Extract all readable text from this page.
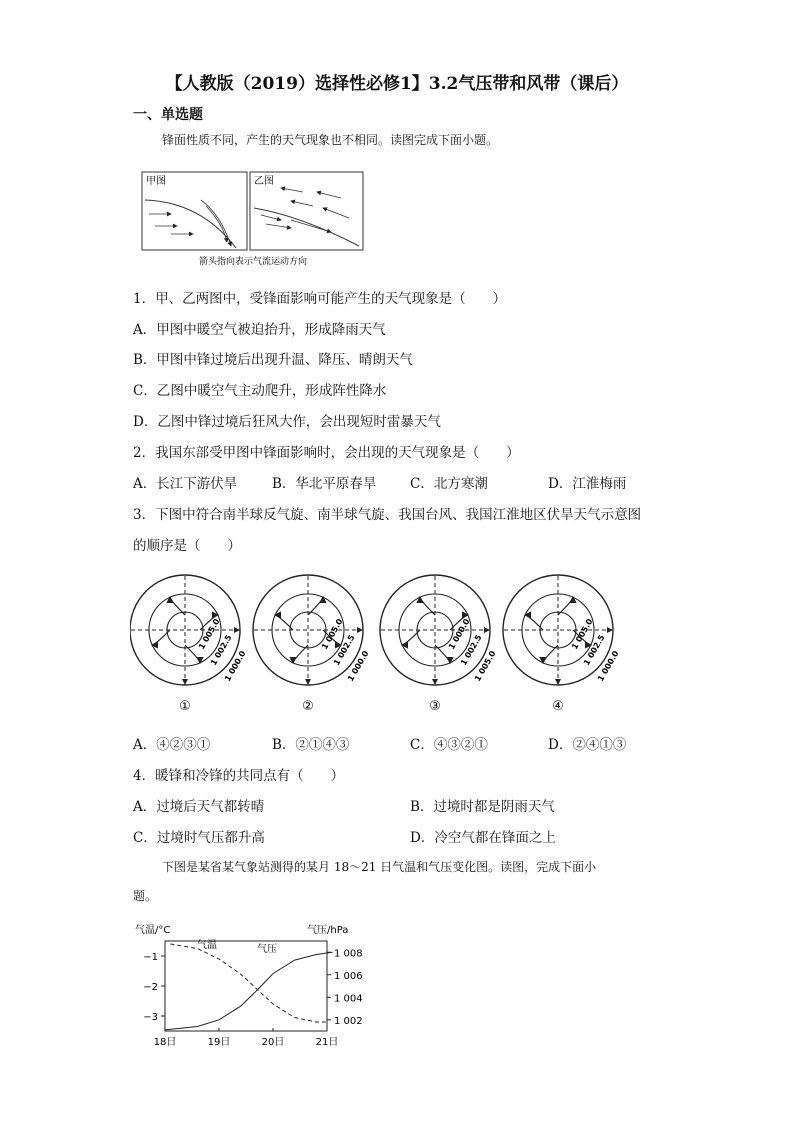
【人教版（2019）选择性必修1】3.2气压带和风带（课后）
一、单选题
锋面性质不同，产生的天气现象也不相同。读图完成下面小题。
甲图	乙图
箭头指向表示气流运动方向
1．甲、乙两图中，受锋面影响可能产生的天气现象是（　　）
A．甲图中暖空气被迫抬升，形成降雨天气
B．甲图中锋过境后出现升温、降压、晴朗天气
C．乙图中暖空气主动爬升，形成阵性降水
D．乙图中锋过境后狂风大作，会出现短时雷暴天气
2．我国东部受甲图中锋面影响时，会出现的天气现象是（　　）
A．长江下游伏旱	B．华北平原春旱 C．北方寒潮	D．江淮梅雨
3．下图中符合南半球反气旋、南半球气旋、我国台风、我国江淮地区伏旱天气示意图
的顺序是（　　）
1 005.0
1 002.5
1 000.0
①
1 005.0
1 002.5
1 000.0
②
1 000.0
1 002.5
1 005.0
③
1 005.0
1 002.5
1 000.0
④
A．④②③①	B．②①④③	C．④③②①	D．②④①③
4．暖锋和冷锋的共同点有（　　）
A．过境后天气都转晴	B．过境时都是阴雨天气
C．过境时气压都升高	D．冷空气都在锋面之上
下图是某省某气象站测得的某月 18～21 日气温和气压变化图。读图，完成下面小
题。
气温/°C	气压/hPa
−1
−2
−3
1 008
1 006
1 004
1 002
18日	19日	20日	21日
气温	气压
